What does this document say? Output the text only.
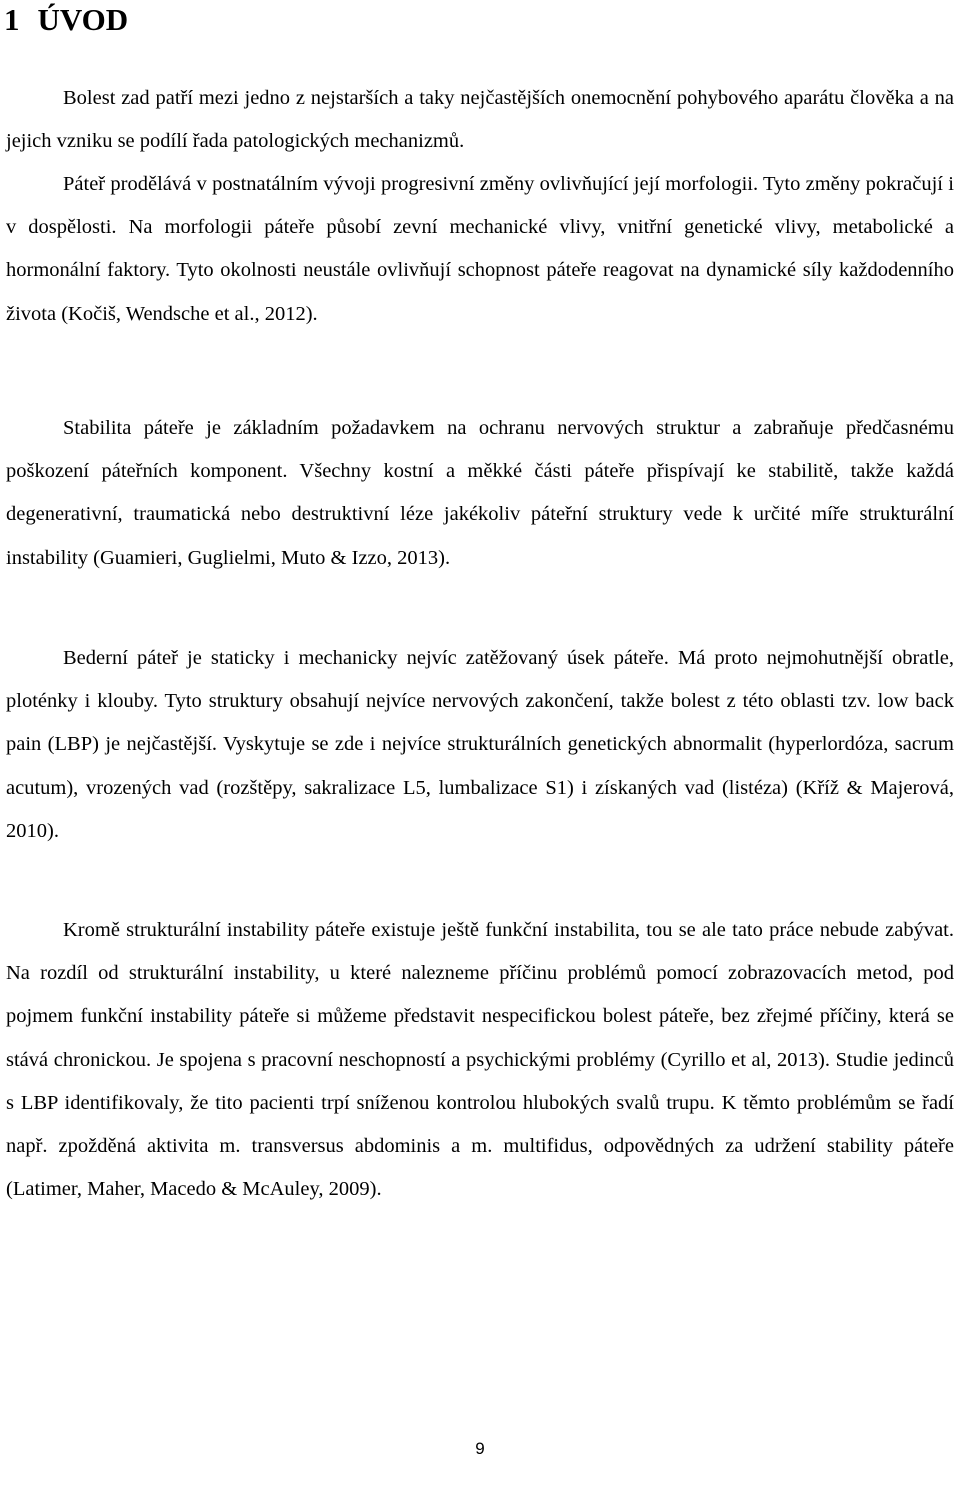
1 ÚVOD

Bolest zad patří mezi jedno z nejstarších a taky nejčastějších onemocnění pohybového aparátu člověka a na jejich vzniku se podílí řada patologických mechanizmů.

Páteř prodělává v postnatálním vývoji progresivní změny ovlivňující její morfologii. Tyto změny pokračují i v dospělosti. Na morfologii páteře působí zevní mechanické vlivy, vnitřní genetické vlivy, metabolické a hormonální faktory. Tyto okolnosti neustále ovlivňují schopnost páteře reagovat na dynamické síly každodenního života (Kočiš, Wendsche et al., 2012).

Stabilita páteře je základním požadavkem na ochranu nervových struktur a zabraňuje předčasnému poškození páteřních komponent. Všechny kostní a měkké části páteře přispívají ke stabilitě, takže každá degenerativní, traumatická nebo destruktivní léze jakékoliv páteřní struktury vede k určité míře strukturální instability (Guamieri, Guglielmi, Muto & Izzo, 2013).

Bederní páteř je staticky i mechanicky nejvíc zatěžovaný úsek páteře. Má proto nejmohutnější obratle, ploténky i klouby. Tyto struktury obsahují nejvíce nervových zakončení, takže bolest z této oblasti tzv. low back pain (LBP) je nejčastější. Vyskytuje se zde i nejvíce strukturálních genetických abnormalit (hyperlordóza, sacrum acutum), vrozených vad (rozštěpy, sakralizace L5, lumbalizace S1) i získaných vad (listéza) (Kříž & Majerová, 2010).

Kromě strukturální instability páteře existuje ještě funkční instabilita, tou se ale tato práce nebude zabývat. Na rozdíl od strukturální instability, u které nalezneme příčinu problémů pomocí zobrazovacích metod, pod pojmem funkční instability páteře si můžeme představit nespecifickou bolest páteře, bez zřejmé příčiny, která se stává chronickou. Je spojena s pracovní neschopností a psychickými problémy (Cyrillo et al, 2013). Studie jedinců s LBP identifikovaly, že tito pacienti trpí sníženou kontrolou hlubokých svalů trupu. K těmto problémům se řadí např. zpožděná aktivita m. transversus abdominis a m. multifidus, odpovědných za udržení stability páteře (Latimer, Maher, Macedo & McAuley, 2009).

9
